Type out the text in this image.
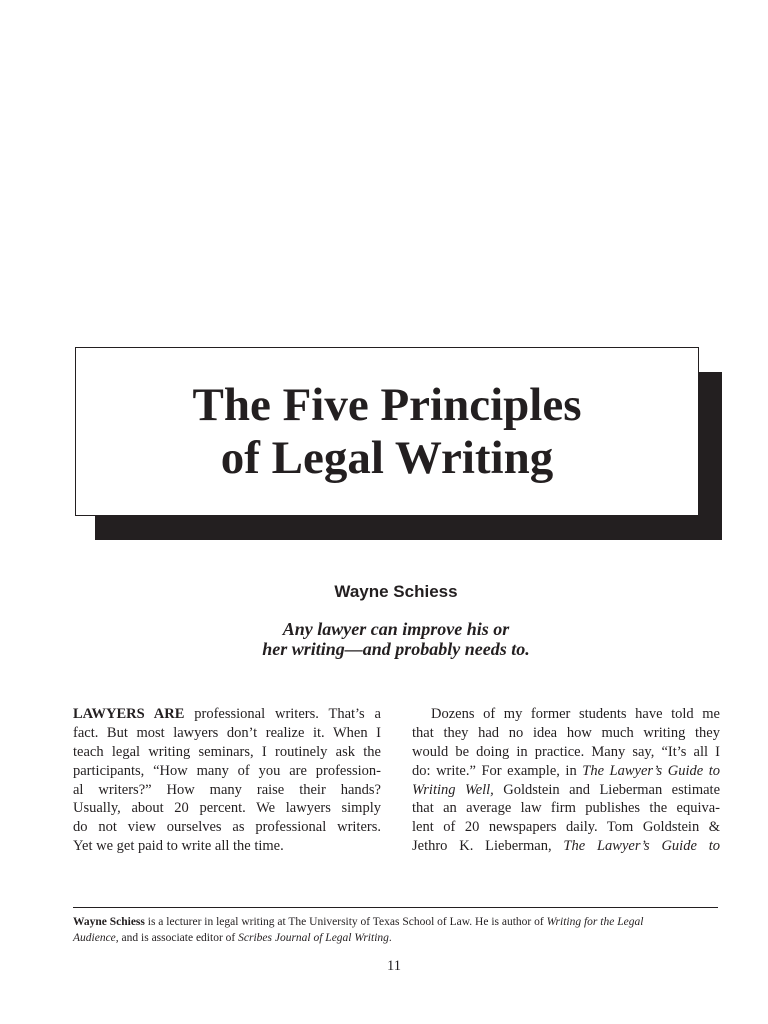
The Five Principles
of Legal Writing
Wayne Schiess
Any lawyer can improve his or
her writing—and probably needs to.
LAWYERS ARE professional writers. That’s a
fact. But most lawyers don’t realize it. When I
teach legal writing seminars, I routinely ask the
participants, “How many of you are profession-
al writers?” How many raise their hands?
Usually, about 20 percent. We lawyers simply
do not view ourselves as professional writers.
Yet we get paid to write all the time.
Dozens of my former students have told me
that they had no idea how much writing they
would be doing in practice. Many say, “It’s all I
do: write.” For example, in The Lawyer’s Guide to
Writing Well, Goldstein and Lieberman estimate
that an average law firm publishes the equiva-
lent of 20 newspapers daily. Tom Goldstein &
Jethro K. Lieberman, The Lawyer’s Guide to
Wayne Schiess is a lecturer in legal writing at The University of Texas School of Law. He is author of Writing for the Legal
Audience, and is associate editor of Scribes Journal of Legal Writing.
11
